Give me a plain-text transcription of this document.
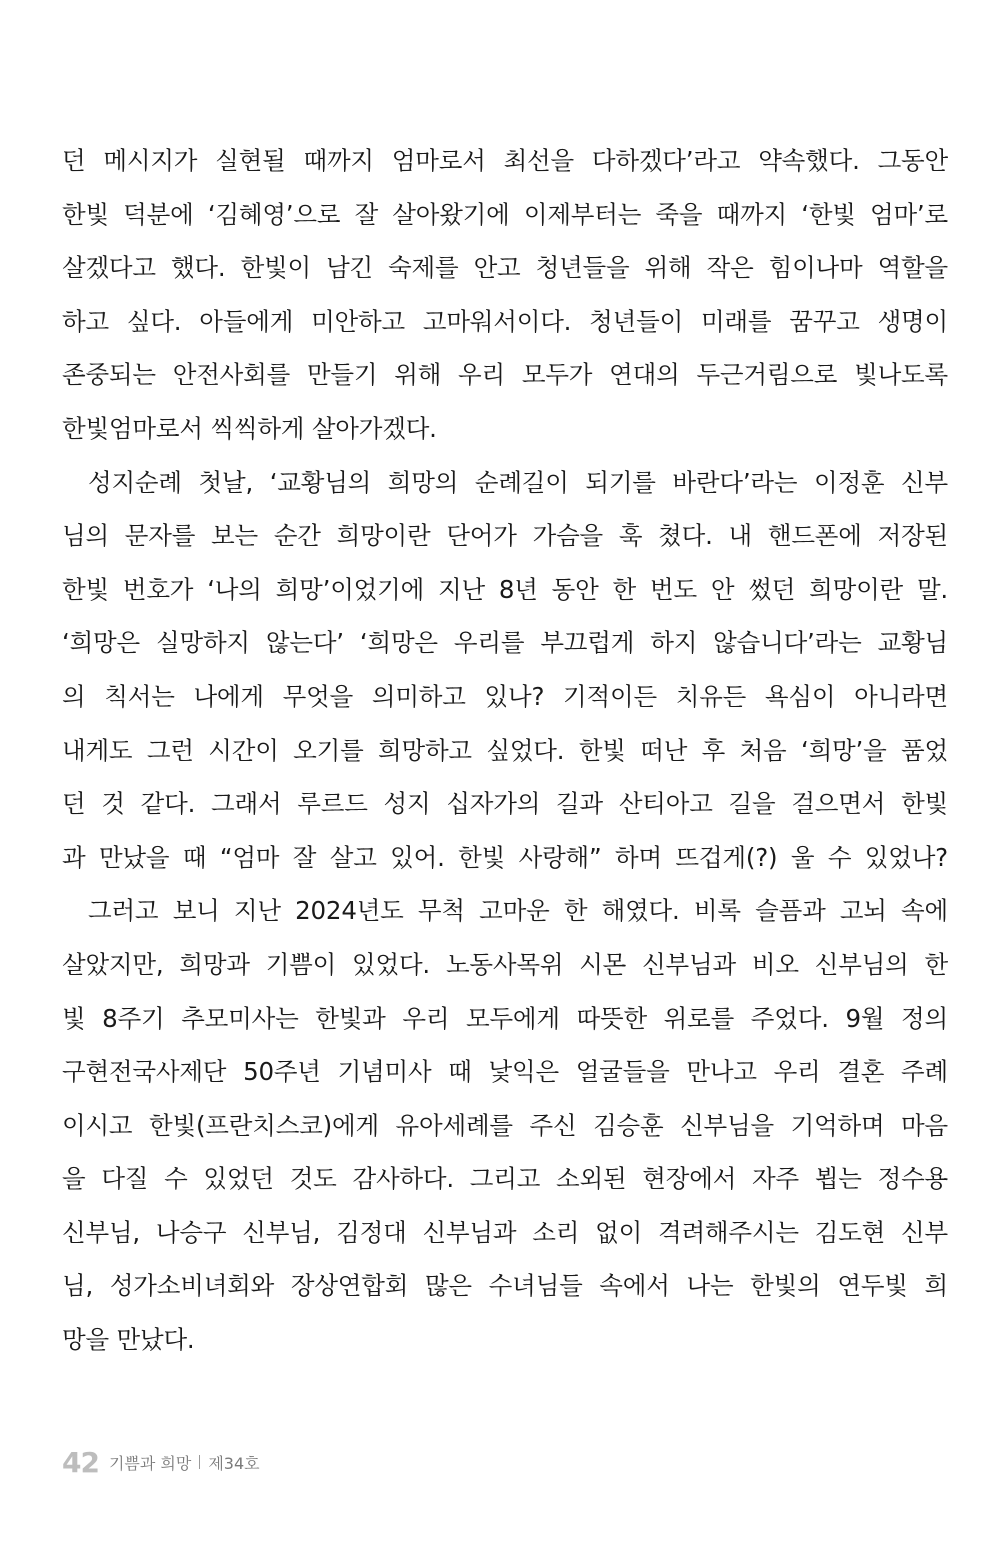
던 메시지가 실현될 때까지 엄마로서 최선을 다하겠다’라고 약속했다. 그동안
한빛 덕분에 ‘김혜영’으로 잘 살아왔기에 이제부터는 죽을 때까지 ‘한빛 엄마’로
살겠다고 했다. 한빛이 남긴 숙제를 안고 청년들을 위해 작은 힘이나마 역할을
하고 싶다. 아들에게 미안하고 고마워서이다. 청년들이 미래를 꿈꾸고 생명이
존중되는 안전사회를 만들기 위해 우리 모두가 연대의 두근거림으로 빛나도록
한빛엄마로서 씩씩하게 살아가겠다.
성지순례 첫날, ‘교황님의 희망의 순례길이 되기를 바란다’라는 이정훈 신부
님의 문자를 보는 순간 희망이란 단어가 가슴을 훅 쳤다. 내 핸드폰에 저장된
한빛 번호가 ‘나의 희망’이었기에 지난 8년 동안 한 번도 안 썼던 희망이란 말.
‘희망은 실망하지 않는다’ ‘희망은 우리를 부끄럽게 하지 않습니다’라는 교황님
의 칙서는 나에게 무엇을 의미하고 있나? 기적이든 치유든 욕심이 아니라면
내게도 그런 시간이 오기를 희망하고 싶었다. 한빛 떠난 후 처음 ‘희망’을 품었
던 것 같다. 그래서 루르드 성지 십자가의 길과 산티아고 길을 걸으면서 한빛
과 만났을 때 “엄마 잘 살고 있어. 한빛 사랑해” 하며 뜨겁게(?) 울 수 있었나?
그러고 보니 지난 2024년도 무척 고마운 한 해였다. 비록 슬픔과 고뇌 속에
살았지만, 희망과 기쁨이 있었다. 노동사목위 시몬 신부님과 비오 신부님의 한
빛 8주기 추모미사는 한빛과 우리 모두에게 따뜻한 위로를 주었다. 9월 정의
구현전국사제단 50주년 기념미사 때 낯익은 얼굴들을 만나고 우리 결혼 주례
이시고 한빛(프란치스코)에게 유아세례를 주신 김승훈 신부님을 기억하며 마음
을 다질 수 있었던 것도 감사하다. 그리고 소외된 현장에서 자주 뵙는 정수용
신부님, 나승구 신부님, 김정대 신부님과 소리 없이 격려해주시는 김도현 신부
님, 성가소비녀회와 장상연합회 많은 수녀님들 속에서 나는 한빛의 연두빛 희
망을 만났다.
42 기쁨과 희망 제34호
